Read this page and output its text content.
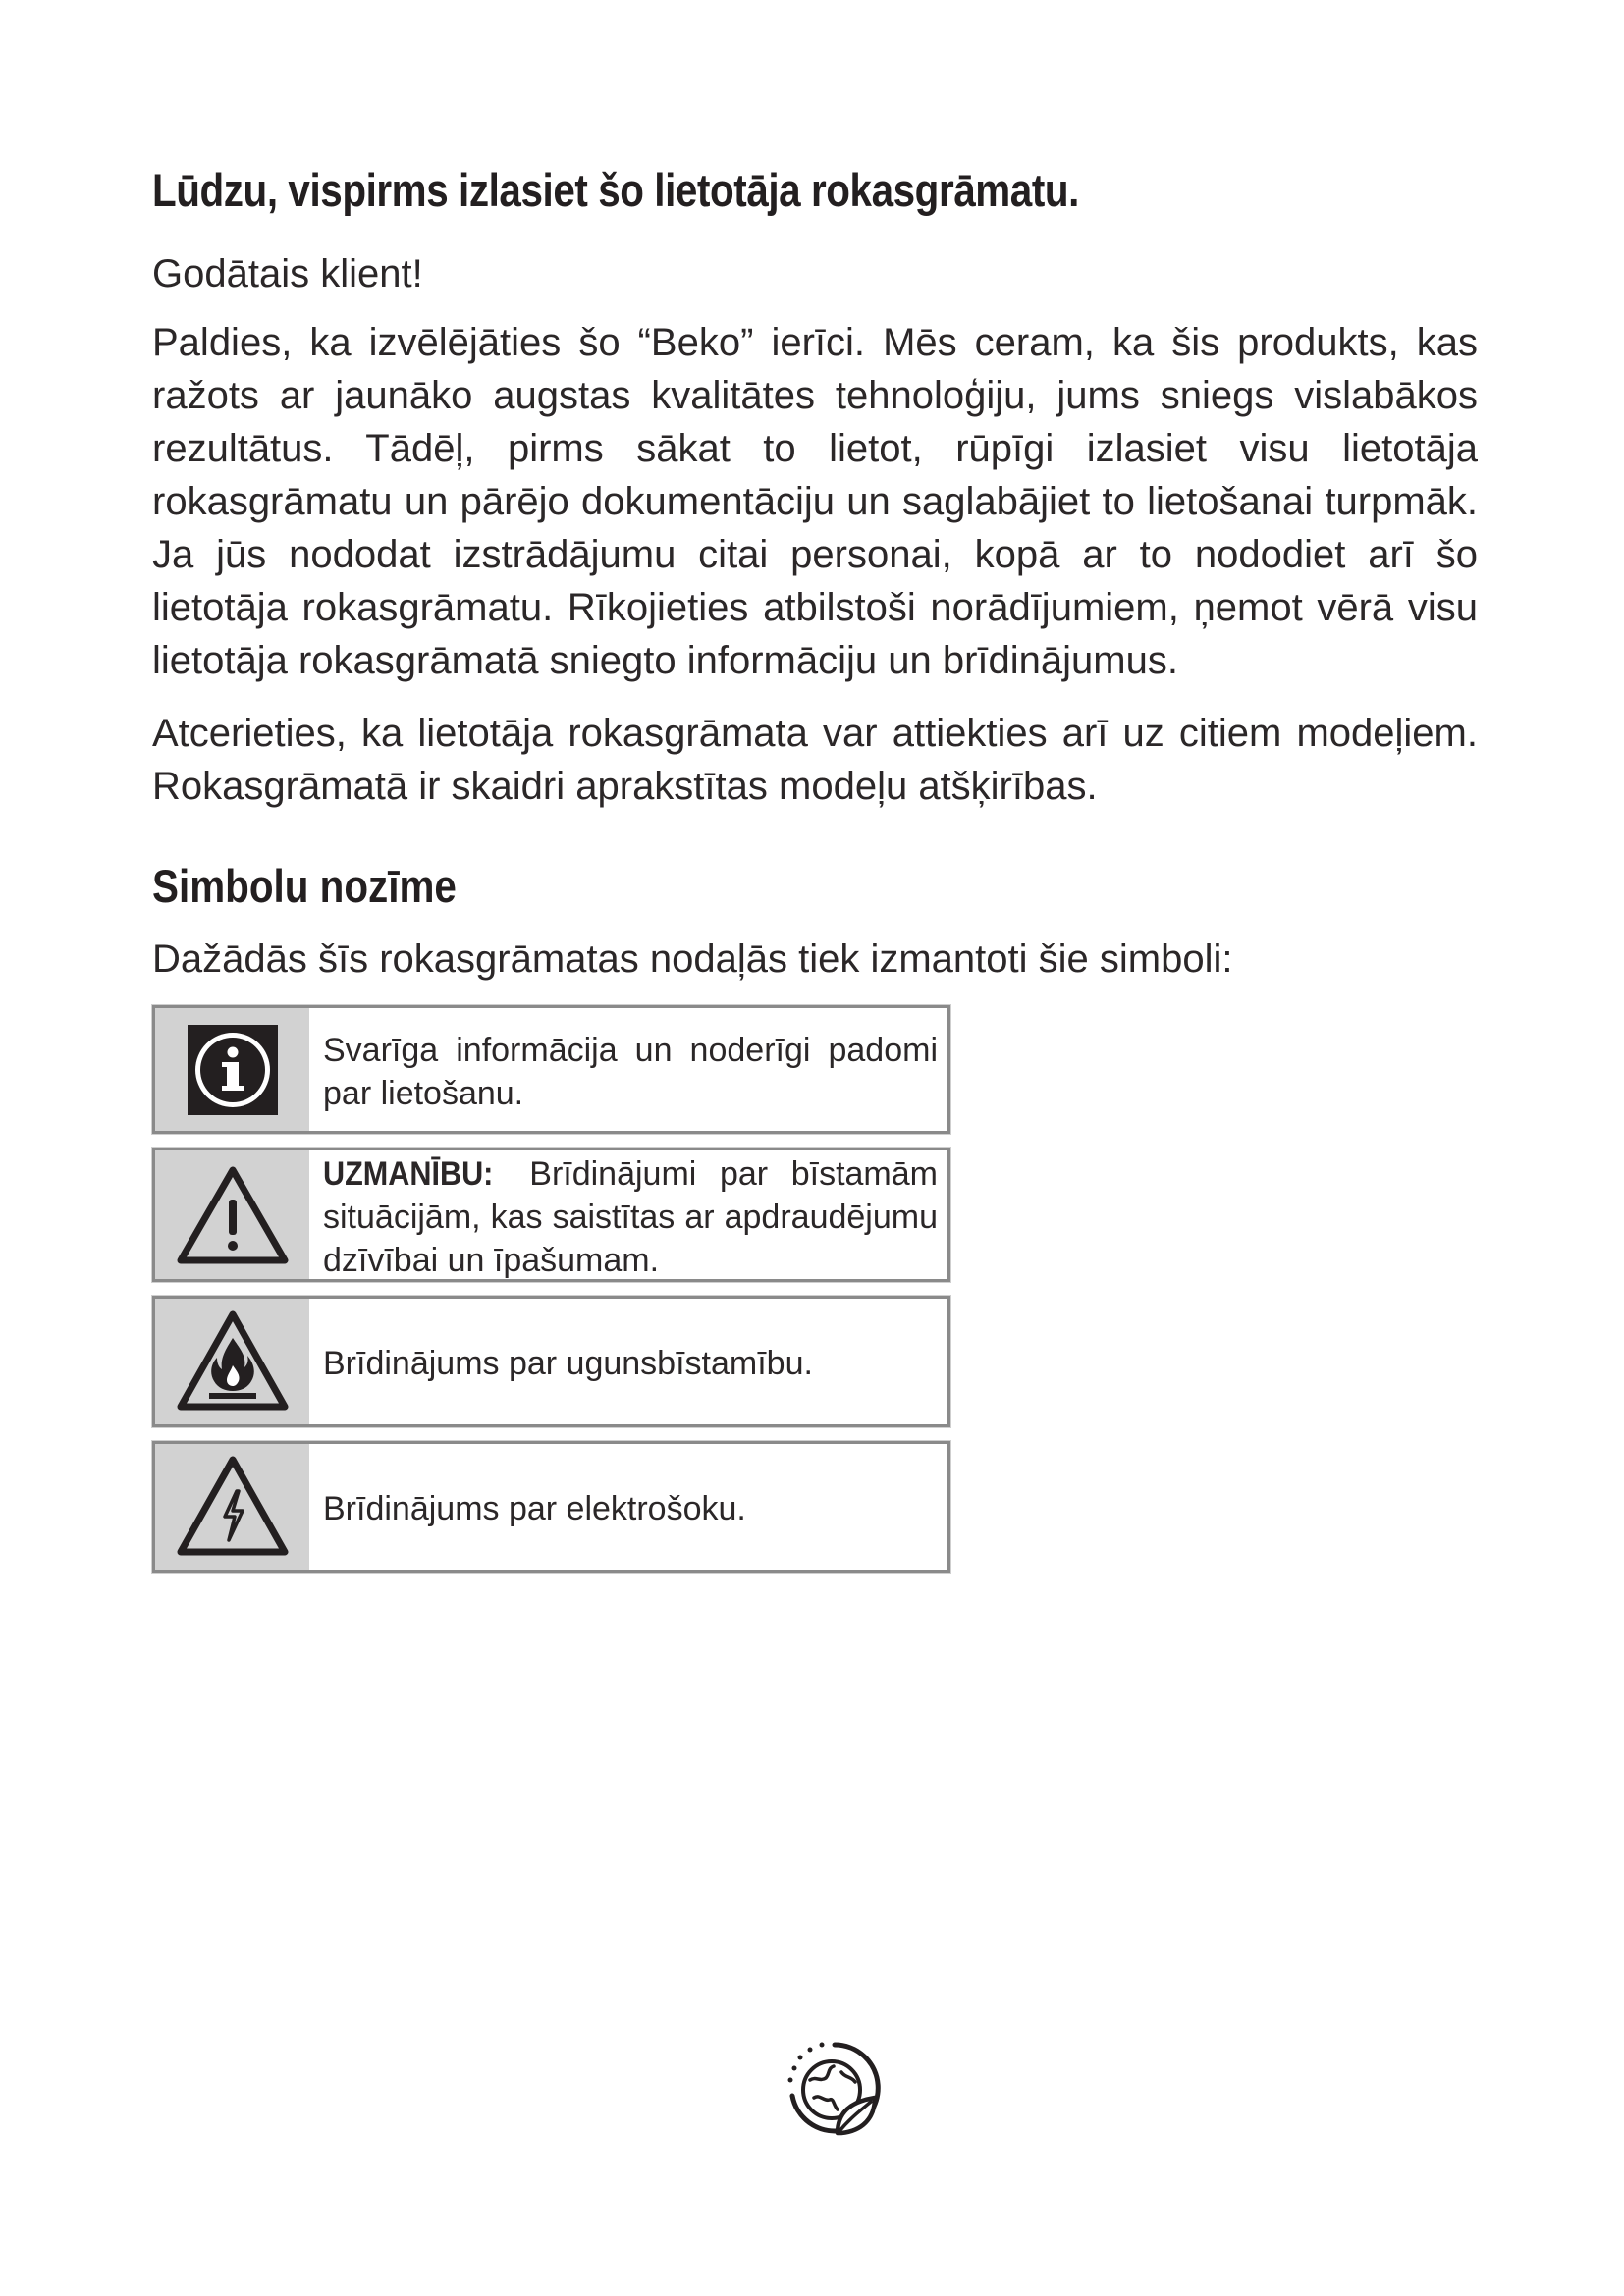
Lūdzu, vispirms izlasiet šo lietotāja rokasgrāmatu.

Godātais klient!

Paldies, ka izvēlējāties šo “Beko” ierīci. Mēs ceram, ka šis produkts, kas ražots ar jaunāko augstas kvalitātes tehnoloģiju, jums sniegs vislabākos rezultātus. Tādēļ, pirms sākat to lietot, rūpīgi izlasiet visu lietotāja rokasgrāmatu un pārējo dokumentāciju un saglabājiet to lietošanai turpmāk. Ja jūs nododat izstrādājumu citai personai, kopā ar to nododiet arī šo lietotāja rokasgrāmatu. Rīkojieties atbilstoši norādījumiem, ņemot vērā visu lietotāja rokasgrāmatā sniegto informāciju un brīdinājumus.

Atcerieties, ka lietotāja rokasgrāmata var attiekties arī uz citiem modeļiem. Rokasgrāmatā ir skaidri aprakstītas modeļu atšķirības.

Simbolu nozīme

Dažādās šīs rokasgrāmatas nodaļās tiek izmantoti šie simboli:

Svarīga informācija un noderīgi padomi par lietošanu.
UZMANĪBU: Brīdinājumi par bīstamām situācijām, kas saistītas ar apdraudējumu dzīvībai un īpašumam.
Brīdinājums par ugunsbīstamību.
Brīdinājums par elektrošoku.
